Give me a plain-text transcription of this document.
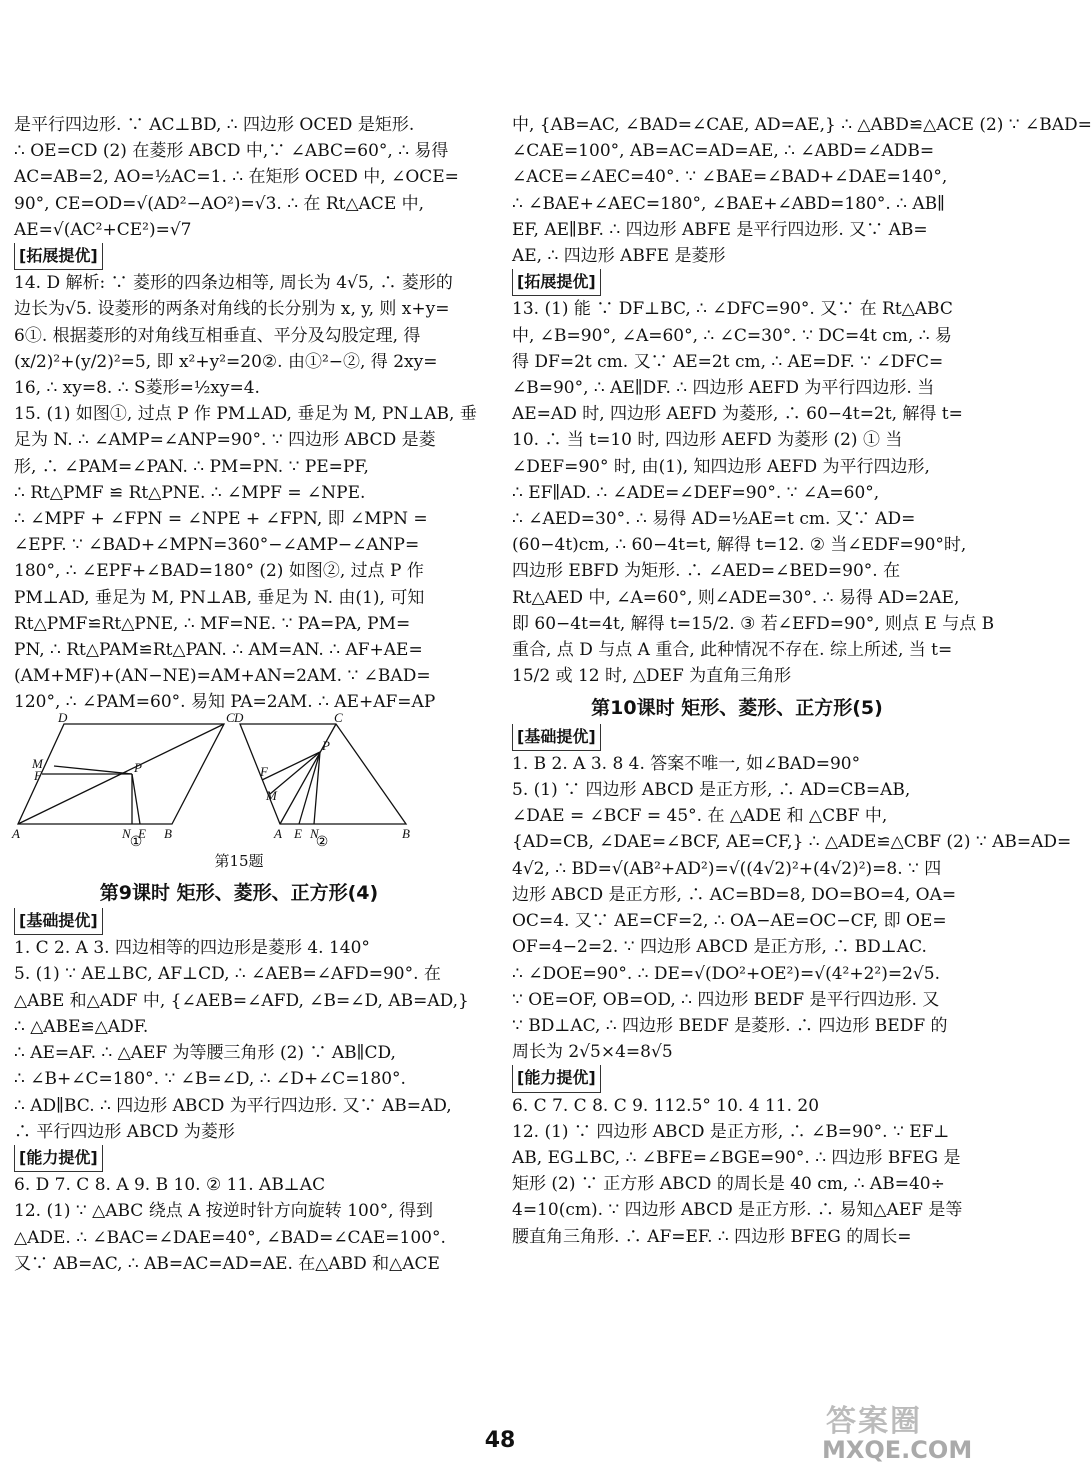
是平行四边形. ∵ AC⊥BD, ∴ 四边形 OCED 是矩形.

∴ OE=CD (2) 在菱形 ABCD 中,∵ ∠ABC=60°, ∴ 易得

AC=AB=2, AO=½AC=1. ∴ 在矩形 OCED 中, ∠OCE=

90°, CE=OD=√(AD²−AO²)=√3. ∴ 在 Rt△ACE 中,

AE=√(AC²+CE²)=√7

[拓展提优]

14. D 解析: ∵ 菱形的四条边相等, 周长为 4√5, ∴ 菱形的

边长为√5. 设菱形的两条对角线的长分别为 x, y, 则 x+y=

6①. 根据菱形的对角线互相垂直、平分及勾股定理, 得

(x/2)²+(y/2)²=5, 即 x²+y²=20②. 由①²−②, 得 2xy=

16, ∴ xy=8. ∴ S菱形=½xy=4.

15. (1) 如图①, 过点 P 作 PM⊥AD, 垂足为 M, PN⊥AB, 垂

足为 N. ∴ ∠AMP=∠ANP=90°. ∵ 四边形 ABCD 是菱

形, ∴ ∠PAM=∠PAN. ∴ PM=PN. ∵ PE=PF,

∴ Rt△PMF ≌ Rt△PNE. ∴ ∠MPF = ∠NPE.

∴ ∠MPF + ∠FPN = ∠NPE + ∠FPN, 即 ∠MPN =

∠EPF. ∵ ∠BAD+∠MPN=360°−∠AMP−∠ANP=

180°, ∴ ∠EPF+∠BAD=180° (2) 如图②, 过点 P 作

PM⊥AD, 垂足为 M, PN⊥AB, 垂足为 N. 由(1), 可知

Rt△PMF≌Rt△PNE, ∴ MF=NE. ∵ PA=PA, PM=

PN, ∴ Rt△PAM≌Rt△PAN. ∴ AM=AN. ∴ AF+AE=

(AM+MF)+(AN−NE)=AM+AN=2AM. ∵ ∠BAD=

120°, ∴ ∠PAM=60°. 易知 PA=2AM. ∴ AE+AF=AP

D	C
A	B
N E
M
F
P
D	C
A	B
E N
F
M
P
①	②

第15题

第9课时 矩形、菱形、正方形(4)

[基础提优]

1. C 2. A 3. 四边相等的四边形是菱形 4. 140°

5. (1) ∵ AE⊥BC, AF⊥CD, ∴ ∠AEB=∠AFD=90°. 在

△ABE 和△ADF 中, {∠AEB=∠AFD, ∠B=∠D, AB=AD,}

∴ △ABE≌△ADF.

∴ AE=AF. ∴ △AEF 为等腰三角形 (2) ∵ AB∥CD,

∴ ∠B+∠C=180°. ∵ ∠B=∠D, ∴ ∠D+∠C=180°.

∴ AD∥BC. ∴ 四边形 ABCD 为平行四边形. 又∵ AB=AD,

∴ 平行四边形 ABCD 为菱形

[能力提优]

6. D 7. C 8. A 9. B 10. ② 11. AB⊥AC

12. (1) ∵ △ABC 绕点 A 按逆时针方向旋转 100°, 得到

△ADE. ∴ ∠BAC=∠DAE=40°, ∠BAD=∠CAE=100°.

又∵ AB=AC, ∴ AB=AC=AD=AE. 在△ABD 和△ACE

中, {AB=AC, ∠BAD=∠CAE, AD=AE,} ∴ △ABD≌△ACE (2) ∵ ∠BAD=

∠CAE=100°, AB=AC=AD=AE, ∴ ∠ABD=∠ADB=

∠ACE=∠AEC=40°. ∵ ∠BAE=∠BAD+∠DAE=140°,

∴ ∠BAE+∠AEC=180°, ∠BAE+∠ABD=180°. ∴ AB∥

EF, AE∥BF. ∴ 四边形 ABFE 是平行四边形. 又∵ AB=

AE, ∴ 四边形 ABFE 是菱形

[拓展提优]

13. (1) 能 ∵ DF⊥BC, ∴ ∠DFC=90°. 又∵ 在 Rt△ABC

中, ∠B=90°, ∠A=60°, ∴ ∠C=30°. ∵ DC=4t cm, ∴ 易

得 DF=2t cm. 又∵ AE=2t cm, ∴ AE=DF. ∵ ∠DFC=

∠B=90°, ∴ AE∥DF. ∴ 四边形 AEFD 为平行四边形. 当

AE=AD 时, 四边形 AEFD 为菱形, ∴ 60−4t=2t, 解得 t=

10. ∴ 当 t=10 时, 四边形 AEFD 为菱形 (2) ① 当

∠DEF=90° 时, 由(1), 知四边形 AEFD 为平行四边形,

∴ EF∥AD. ∴ ∠ADE=∠DEF=90°. ∵ ∠A=60°,

∴ ∠AED=30°. ∴ 易得 AD=½AE=t cm. 又∵ AD=

(60−4t)cm, ∴ 60−4t=t, 解得 t=12. ② 当∠EDF=90°时,

四边形 EBFD 为矩形. ∴ ∠AED=∠BED=90°. 在

Rt△AED 中, ∠A=60°, 则∠ADE=30°. ∴ 易得 AD=2AE,

即 60−4t=4t, 解得 t=15/2. ③ 若∠EFD=90°, 则点 E 与点 B

重合, 点 D 与点 A 重合, 此种情况不存在. 综上所述, 当 t=

15/2 或 12 时, △DEF 为直角三角形

第10课时 矩形、菱形、正方形(5)

[基础提优]

1. B 2. A 3. 8 4. 答案不唯一, 如∠BAD=90°

5. (1) ∵ 四边形 ABCD 是正方形, ∴ AD=CB=AB,

∠DAE = ∠BCF = 45°. 在 △ADE 和 △CBF 中,

{AD=CB, ∠DAE=∠BCF, AE=CF,} ∴ △ADE≌△CBF (2) ∵ AB=AD=

4√2, ∴ BD=√(AB²+AD²)=√((4√2)²+(4√2)²)=8. ∵ 四

边形 ABCD 是正方形, ∴ AC=BD=8, DO=BO=4, OA=

OC=4. 又∵ AE=CF=2, ∴ OA−AE=OC−CF, 即 OE=

OF=4−2=2. ∵ 四边形 ABCD 是正方形, ∴ BD⊥AC.

∴ ∠DOE=90°. ∴ DE=√(DO²+OE²)=√(4²+2²)=2√5.

∵ OE=OF, OB=OD, ∴ 四边形 BEDF 是平行四边形. 又

∵ BD⊥AC, ∴ 四边形 BEDF 是菱形. ∴ 四边形 BEDF 的

周长为 2√5×4=8√5

[能力提优]

6. C 7. C 8. C 9. 112.5° 10. 4 11. 20

12. (1) ∵ 四边形 ABCD 是正方形, ∴ ∠B=90°. ∵ EF⊥

AB, EG⊥BC, ∴ ∠BFE=∠BGE=90°. ∴ 四边形 BFEG 是

矩形 (2) ∵ 正方形 ABCD 的周长是 40 cm, ∴ AB=40÷

4=10(cm). ∵ 四边形 ABCD 是正方形. ∴ 易知△AEF 是等

腰直角三角形. ∴ AF=EF. ∴ 四边形 BFEG 的周长=

48
答案圈
MXQE.COM
